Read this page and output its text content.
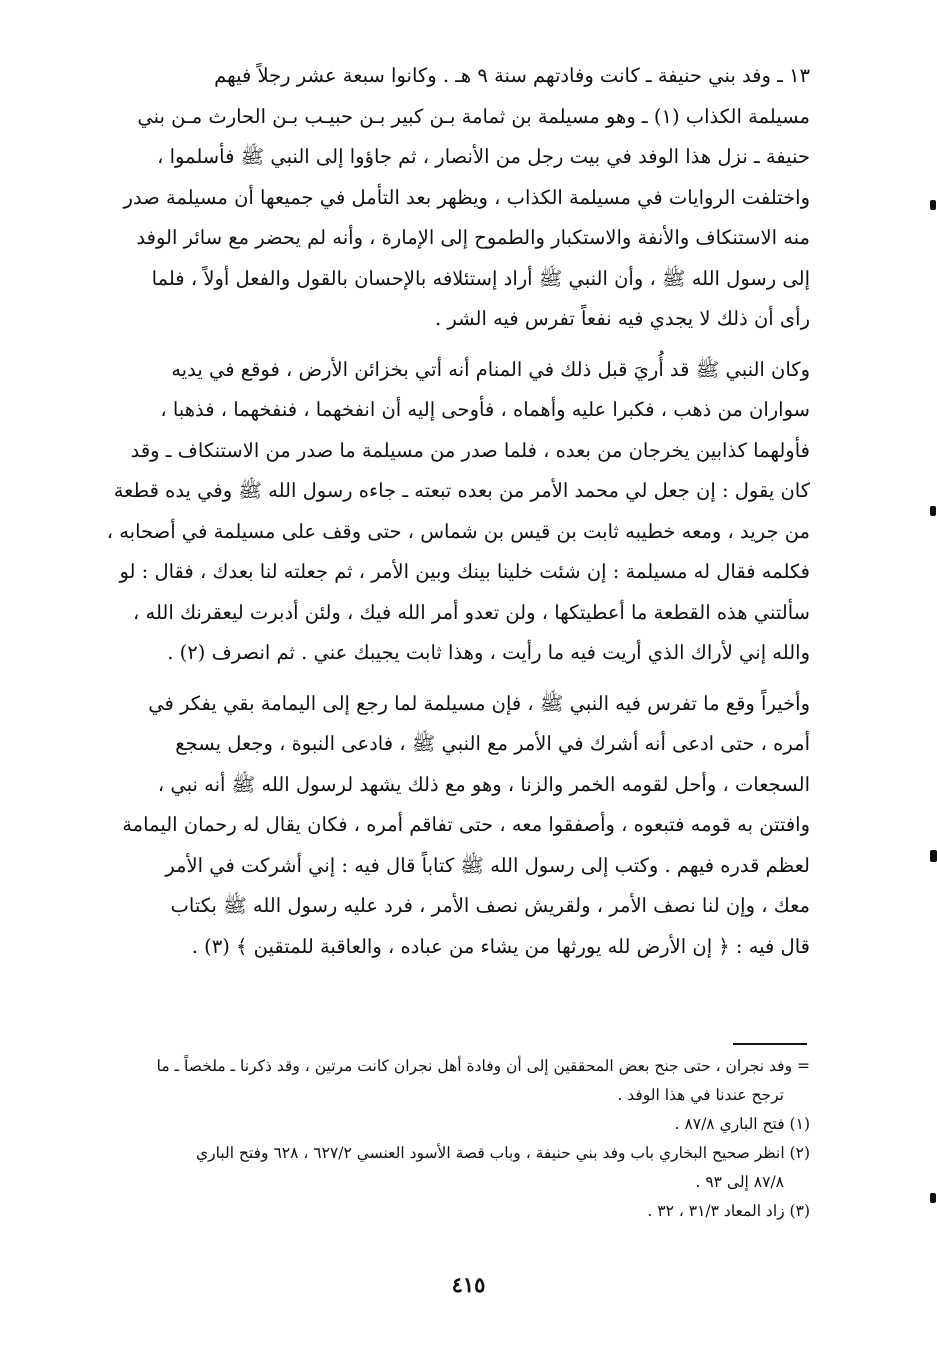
١٣ ـ وفد بني حنيفة ـ كانت وفادتهم سنة ٩ هـ . وكانوا سبعة عشر رجلاً فيهم
مسيلمة الكذاب (١) ـ وهو مسيلمة بن ثمامة بـن كبير بـن حبيـب بـن الحارث مـن بني
حنيفة ـ نزل هذا الوفد في بيت رجل من الأنصار ، ثم جاؤوا إلى النبي ﷺ فأسلموا ،
واختلفت الروايات في مسيلمة الكذاب ، ويظهر بعد التأمل في جميعها أن مسيلمة صدر
منه الاستنكاف والأنفة والاستكبار والطموح إلى الإمارة ، وأنه لم يحضر مع سائر الوفد
إلى رسول الله ﷺ ، وأن النبي ﷺ أراد إستئلافه بالإحسان بالقول والفعل أولاً ، فلما
رأى أن ذلك لا يجدي فيه نفعاً تفرس فيه الشر .
وكان النبي ﷺ قد أُريَ قبل ذلك في المنام أنه أتي بخزائن الأرض ، فوقع في يديه
سواران من ذهب ، فكبرا عليه وأهماه ، فأوحى إليه أن انفخهما ، فنفخهما ، فذهبا ،
فأولهما كذابين يخرجان من بعده ، فلما صدر من مسيلمة ما صدر من الاستنكاف ـ وقد
كان يقول : إن جعل لي محمد الأمر من بعده تبعته ـ جاءه رسول الله ﷺ وفي يده قطعة
من جريد ، ومعه خطيبه ثابت بن قيس بن شماس ، حتى وقف على مسيلمة في أصحابه ،
فكلمه فقال له مسيلمة : إن شئت خلينا بينك وبين الأمر ، ثم جعلته لنا بعدك ، فقال : لو
سألتني هذه القطعة ما أعطيتكها ، ولن تعدو أمر الله فيك ، ولئن أدبرت ليعقرنك الله ،
والله إني لأراك الذي أريت فيه ما رأيت ، وهذا ثابت يجيبك عني . ثم انصرف (٢) .
وأخيراً وقع ما تفرس فيه النبي ﷺ ، فإن مسيلمة لما رجع إلى اليمامة بقي يفكر في
أمره ، حتى ادعى أنه أشرك في الأمر مع النبي ﷺ ، فادعى النبوة ، وجعل يسجع
السجعات ، وأحل لقومه الخمر والزنا ، وهو مع ذلك يشهد لرسول الله ﷺ أنه نبي ،
وافتتن به قومه فتبعوه ، وأصفقوا معه ، حتى تفاقم أمره ، فكان يقال له رحمان اليمامة
لعظم قدره فيهم . وكتب إلى رسول الله ﷺ كتاباً قال فيه : إني أشركت في الأمر
معك ، وإن لنا نصف الأمر ، ولقريش نصف الأمر ، فرد عليه رسول الله ﷺ بكتاب
قال فيه : ﴿ إن الأرض لله يورثها من يشاء من عباده ، والعاقبة للمتقين ﴾ (٣) .
= وفد نجران ، حتى جنح بعض المحققين إلى أن وفادة أهل نجران كانت مرتين ، وقد ذكرنا ـ ملخصاً ـ ما
ترجح عندنا في هذا الوفد .
(١) فتح الباري ٨٧/٨ .
(٢) انظر صحيح البخاري باب وفد بني حنيفة ، وباب قصة الأسود العنسي ٦٢٧/٢ ، ٦٢٨ وفتح الباري
٨٧/٨ إلى ٩٣ .
(٣) زاد المعاد ٣١/٣ ، ٣٢ .
٤١٥
